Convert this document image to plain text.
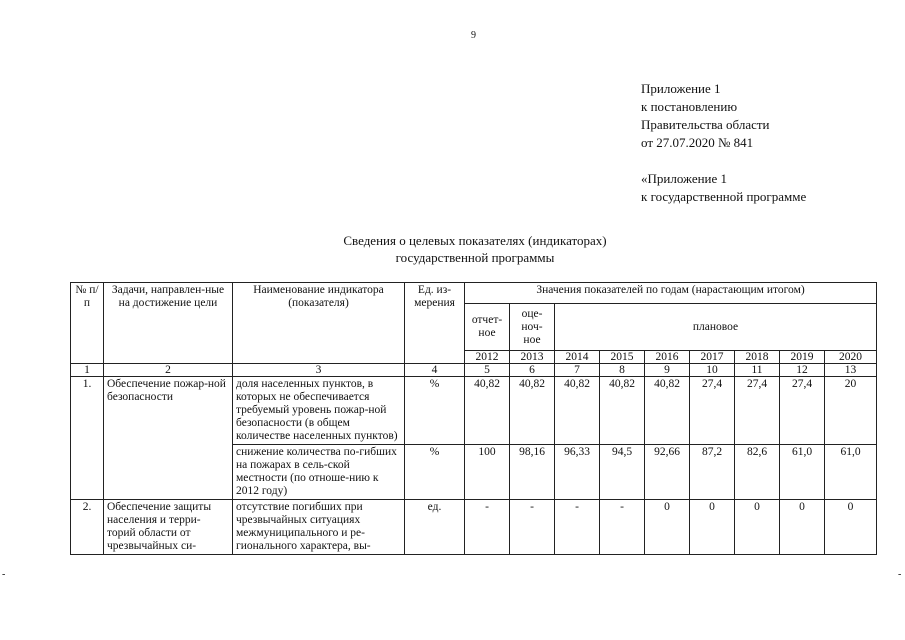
9
Приложение 1
к постановлению
Правительства области
от 27.07.2020 № 841
«Приложение 1
к государственной программе
Сведения о целевых показателях (индикаторах)
государственной программы
-	-
№ п/п	Задачи, направлен-ные на достижение цели	Наименование индикатора (показателя)	Ед. из-мерения	Значения показателей по годам (нарастающим итогом)								
				отчет-ное	оце-ноч-ное	плановое						
				2012	2013	2014	2015	2016	2017	2018	2019	2020
1	2	3	4	5	6	7	8	9	10	11	12	13
1.	Обеспечение пожар-ной безопасности	доля населенных пунктов, в которых не обеспечивается требуемый уровень пожар-ной безопасности (в общем количестве населенных пунктов)	%	40,82	40,82	40,82	40,82	40,82	27,4	27,4	27,4	20
		снижение количества по-гибших на пожарах в сель-ской местности (по отноше-нию к 2012 году)	%	100	98,16	96,33	94,5	92,66	87,2	82,6	61,0	61,0
2.	Обеспечение защиты населения и терри-торий области от чрезвычайных си-	отсутствие погибших при чрезвычайных ситуациях межмуниципального и ре-гионального характера, вы-	ед.	-	-	-	-	0	0	0	0	0
